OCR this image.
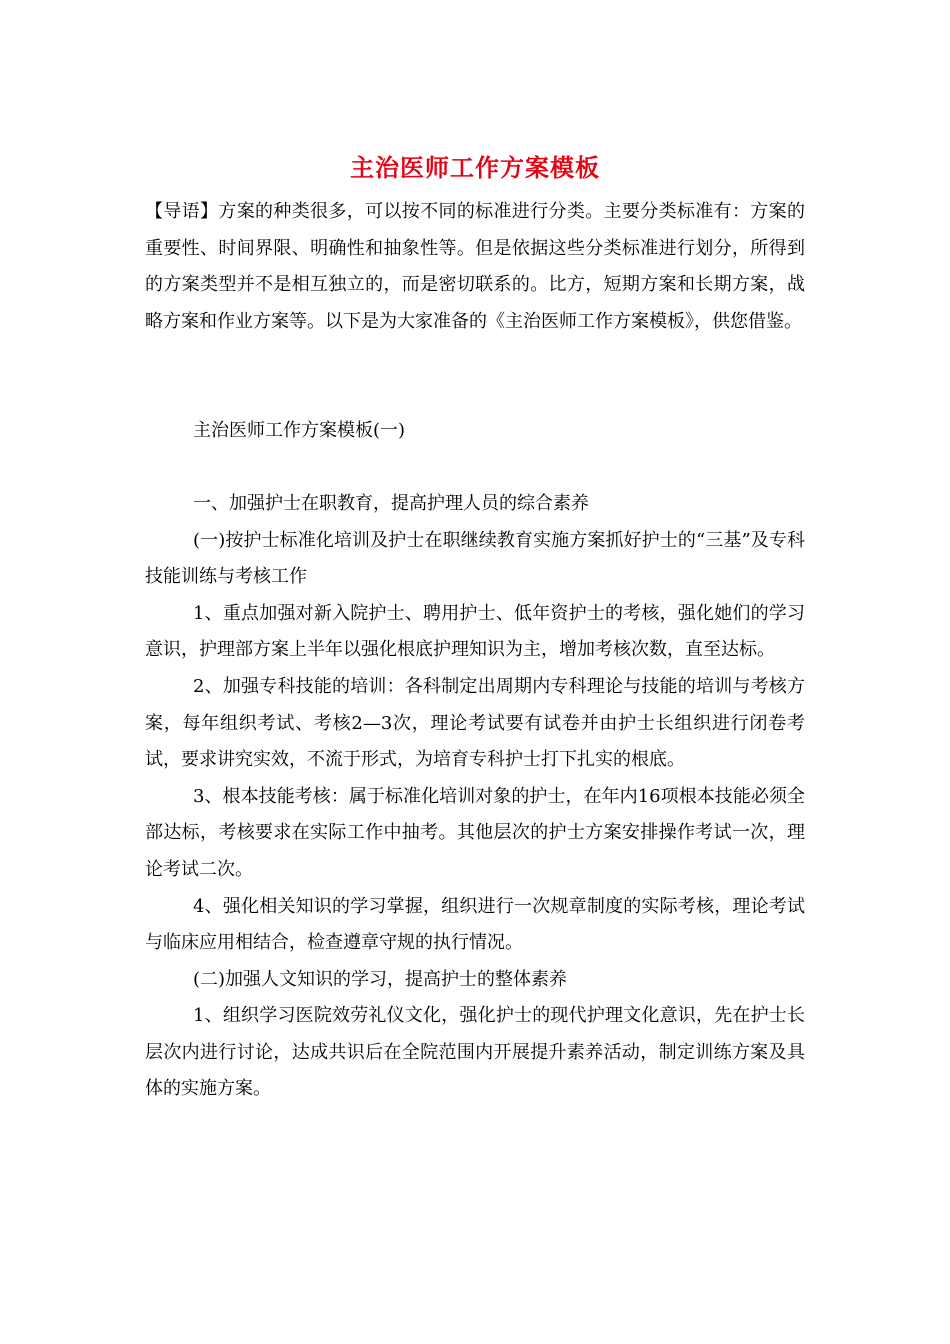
主治医师工作方案模板

【导语】方案的种类很多，可以按不同的标准进行分类。主要分类标准有：方案的重要性、时间界限、明确性和抽象性等。但是依据这些分类标准进行划分，所得到的方案类型并不是相互独立的，而是密切联系的。比方，短期方案和长期方案，战略方案和作业方案等。以下是为大家准备的《主治医师工作方案模板》，供您借鉴。

主治医师工作方案模板(一)

一、加强护士在职教育，提高护理人员的综合素养

(一)按护士标准化培训及护士在职继续教育实施方案抓好护士的“三基”及专科技能训练与考核工作

1、重点加强对新入院护士、聘用护士、低年资护士的考核，强化她们的学习意识，护理部方案上半年以强化根底护理知识为主，增加考核次数，直至达标。

2、加强专科技能的培训：各科制定出周期内专科理论与技能的培训与考核方案，每年组织考试、考核2—3次，理论考试要有试卷并由护士长组织进行闭卷考试，要求讲究实效，不流于形式，为培育专科护士打下扎实的根底。

3、根本技能考核：属于标准化培训对象的护士，在年内16项根本技能必须全部达标，考核要求在实际工作中抽考。其他层次的护士方案安排操作考试一次，理论考试二次。

4、强化相关知识的学习掌握，组织进行一次规章制度的实际考核，理论考试与临床应用相结合，检查遵章守规的执行情况。

(二)加强人文知识的学习，提高护士的整体素养

1、组织学习医院效劳礼仪文化，强化护士的现代护理文化意识，先在护士长层次内进行讨论，达成共识后在全院范围内开展提升素养活动，制定训练方案及具体的实施方案。
